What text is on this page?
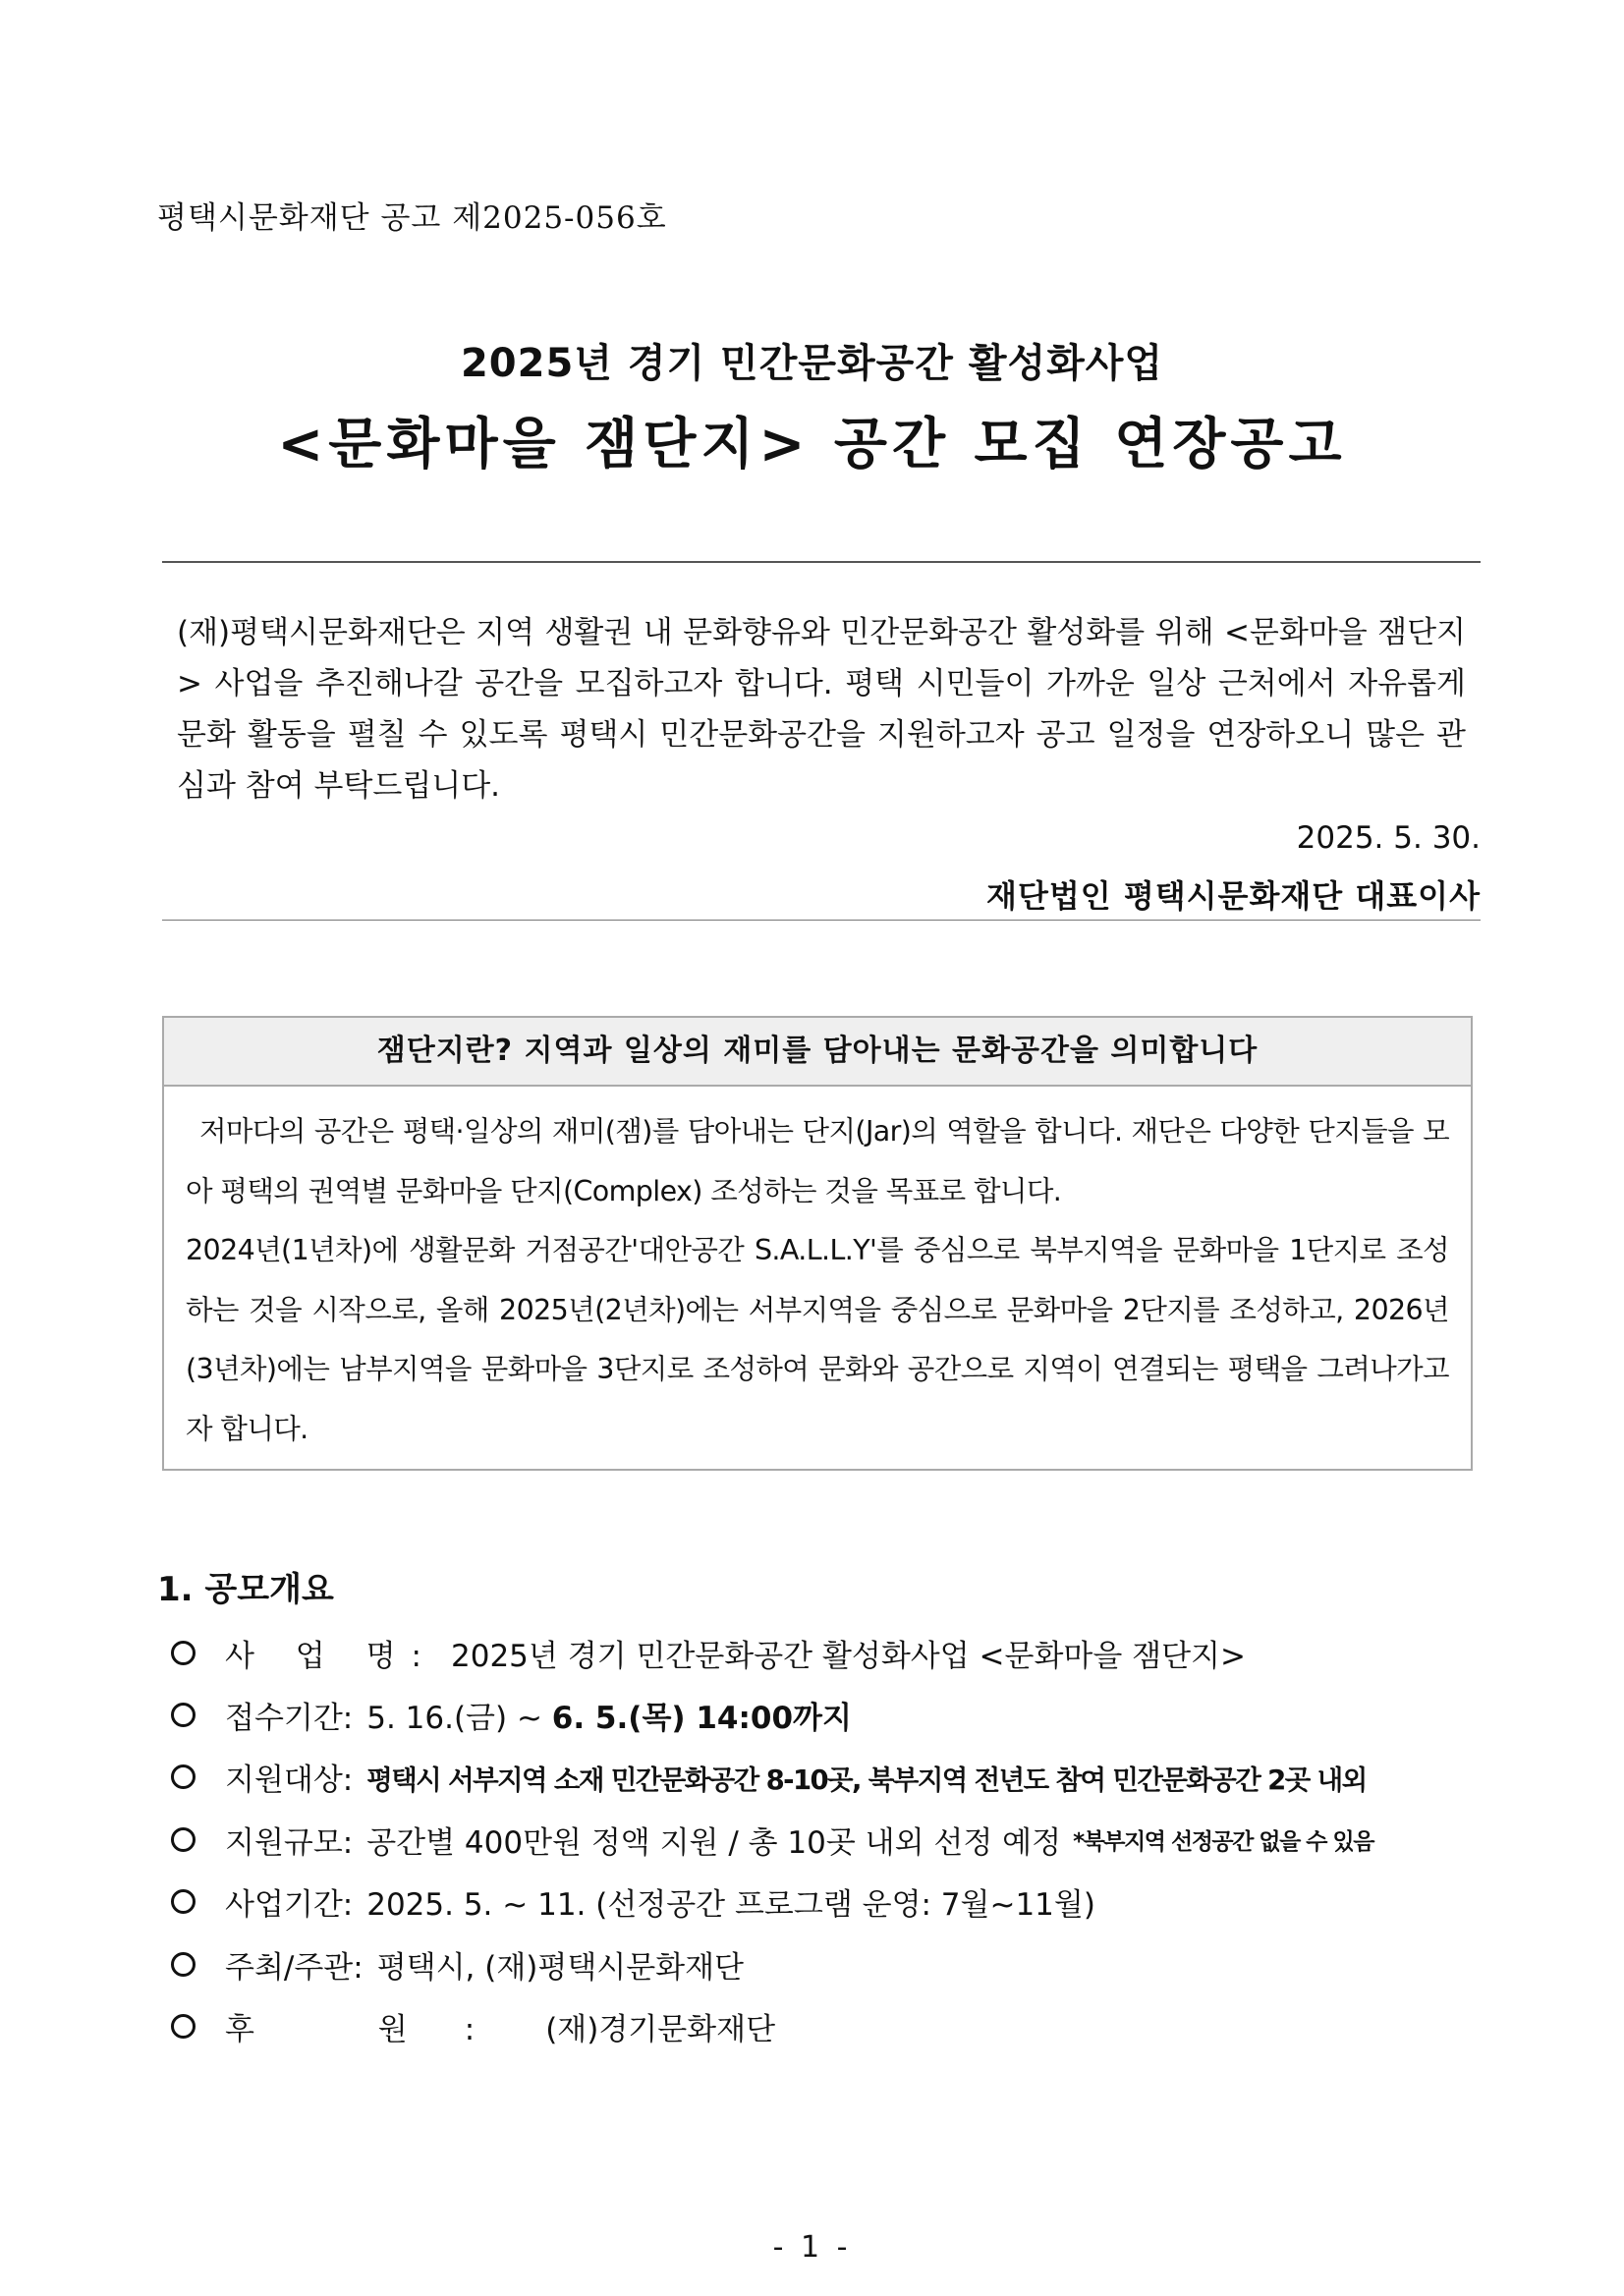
평택시문화재단 공고 제2025-056호
2025년 경기 민간문화공간 활성화사업
<문화마을 잼단지> 공간 모집 연장공고
(재)평택시문화재단은 지역 생활권 내 문화향유와 민간문화공간 활성화를 위해 <문화마을 잼단지> 사업을 추진해나갈 공간을 모집하고자 합니다. 평택 시민들이 가까운 일상 근처에서 자유롭게 문화 활동을 펼칠 수 있도록 평택시 민간문화공간을 지원하고자 공고 일정을 연장하오니 많은 관심과 참여 부탁드립니다.
2025. 5. 30.
재단법인 평택시문화재단 대표이사
잼단지란? 지역과 일상의 재미를 담아내는 문화공간을 의미합니다
저마다의 공간은 평택·일상의 재미(잼)를 담아내는 단지(Jar)의 역할을 합니다. 재단은 다양한 단지들을 모아 평택의 권역별 문화마을 단지(Complex) 조성하는 것을 목표로 합니다.
2024년(1년차)에 생활문화 거점공간'대안공간 S.A.L.L.Y'를 중심으로 북부지역을 문화마을 1단지로 조성하는 것을 시작으로, 올해 2025년(2년차)에는 서부지역을 중심으로 문화마을 2단지를 조성하고, 2026년(3년차)에는 남부지역을 문화마을 3단지로 조성하여 문화와 공간으로 지역이 연결되는 평택을 그려나가고자 합니다.
1. 공모개요
사 업 명: 2025년 경기 민간문화공간 활성화사업 <문화마을 잼단지>
접수기간: 5. 16.(금) ~ 6. 5.(목) 14:00까지
지원대상: 평택시 서부지역 소재 민간문화공간 8-10곳, 북부지역 전년도 참여 민간문화공간 2곳 내외
지원규모: 공간별 400만원 정액 지원 / 총 10곳 내외 선정 예정 *북부지역 선정공간 없을 수 있음
사업기간: 2025. 5. ~ 11. (선정공간 프로그램 운영: 7월~11월)
주최/주관: 평택시, (재)평택시문화재단
후 원: (재)경기문화재단
- 1 -
